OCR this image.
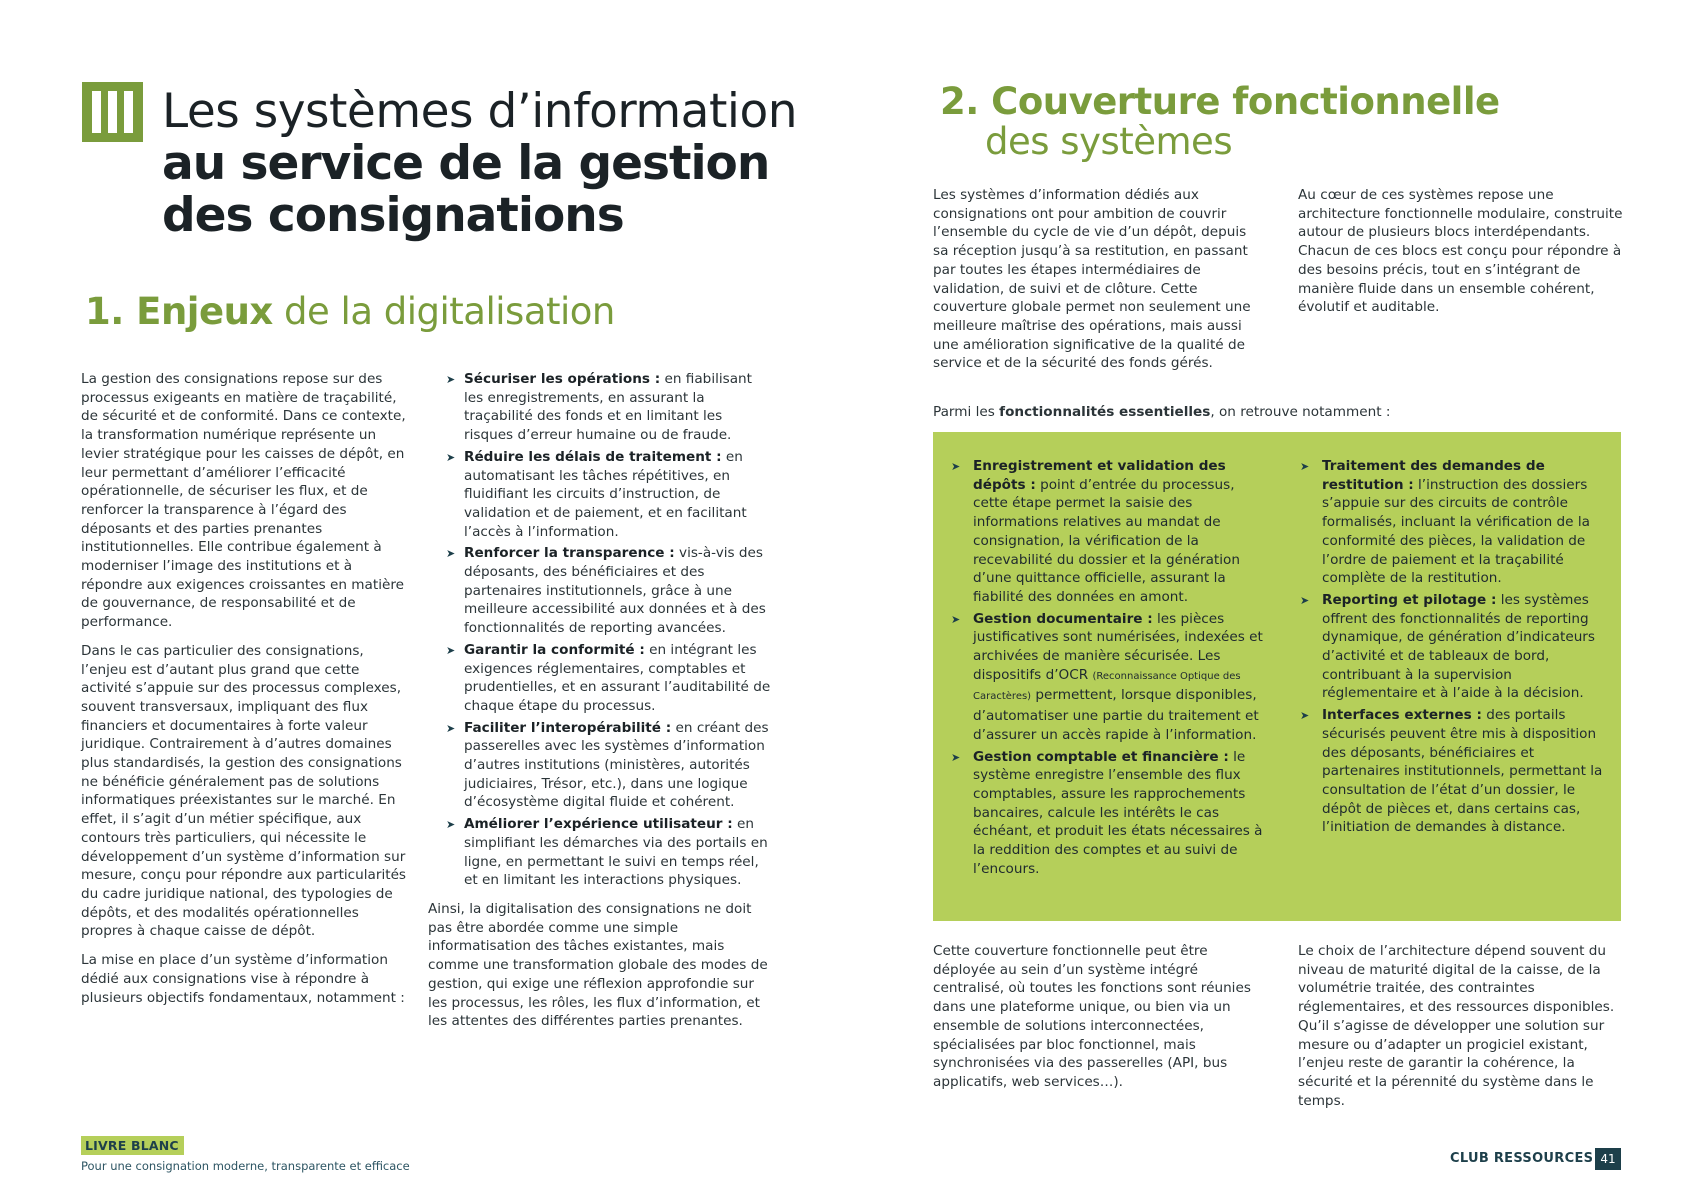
Les systèmes d’information
au service de la gestion
des consignations
1. Enjeux de la digitalisation

La gestion des consignations repose sur des processus exigeants en matière de traçabilité, de sécurité et de conformité. Dans ce contexte, la transformation numérique représente un levier stratégique pour les caisses de dépôt, en leur permettant d’améliorer l’efficacité opérationnelle, de sécuriser les flux, et de renforcer la transparence à l’égard des déposants et des parties prenantes institutionnelles. Elle contribue également à moderniser l’image des institutions et à répondre aux exigences croissantes en matière de gouvernance, de responsabilité et de performance.

Dans le cas particulier des consignations, l’enjeu est d’autant plus grand que cette activité s’appuie sur des processus complexes, souvent transversaux, impliquant des flux financiers et documentaires à forte valeur juridique. Contrairement à d’autres domaines plus standardisés, la gestion des consignations ne bénéficie généralement pas de solutions informatiques préexistantes sur le marché. En effet, il s’agit d’un métier spécifique, aux contours très particuliers, qui nécessite le développement d’un système d’information sur mesure, conçu pour répondre aux particularités du cadre juridique national, des typologies de dépôts, et des modalités opérationnelles propres à chaque caisse de dépôt.

La mise en place d’un système d’information dédié aux consignations vise à répondre à plusieurs objectifs fondamentaux, notamment :

➤ Sécuriser les opérations : en fiabilisant les enregistrements, en assurant la traçabilité des fonds et en limitant les risques d’erreur humaine ou de fraude.
➤ Réduire les délais de traitement : en automatisant les tâches répétitives, en fluidifiant les circuits d’instruction, de validation et de paiement, et en facilitant l’accès à l’information.
➤ Renforcer la transparence : vis-à-vis des déposants, des bénéficiaires et des partenaires institutionnels, grâce à une meilleure accessibilité aux données et à des fonctionnalités de reporting avancées.
➤ Garantir la conformité : en intégrant les exigences réglementaires, comptables et prudentielles, et en assurant l’auditabilité de chaque étape du processus.
➤ Faciliter l’interopérabilité : en créant des passerelles avec les systèmes d’information d’autres institutions (ministères, autorités judiciaires, Trésor, etc.), dans une logique d’écosystème digital fluide et cohérent.
➤ Améliorer l’expérience utilisateur : en simplifiant les démarches via des portails en ligne, en permettant le suivi en temps réel, et en limitant les interactions physiques.

Ainsi, la digitalisation des consignations ne doit pas être abordée comme une simple informatisation des tâches existantes, mais comme une transformation globale des modes de gestion, qui exige une réflexion approfondie sur les processus, les rôles, les flux d’information, et les attentes des différentes parties prenantes.

2. Couverture fonctionnelle
des systèmes

Les systèmes d’information dédiés aux consignations ont pour ambition de couvrir l’ensemble du cycle de vie d’un dépôt, depuis sa réception jusqu’à sa restitution, en passant par toutes les étapes intermédiaires de validation, de suivi et de clôture. Cette couverture globale permet non seulement une meilleure maîtrise des opérations, mais aussi une amélioration significative de la qualité de service et de la sécurité des fonds gérés.

Au cœur de ces systèmes repose une architecture fonctionnelle modulaire, construite autour de plusieurs blocs interdépendants. Chacun de ces blocs est conçu pour répondre à des besoins précis, tout en s’intégrant de manière fluide dans un ensemble cohérent, évolutif et auditable.

Parmi les fonctionnalités essentielles, on retrouve notamment :
➤ Enregistrement et validation des dépôts : point d’entrée du processus, cette étape permet la saisie des informations relatives au mandat de consignation, la vérification de la recevabilité du dossier et la génération d’une quittance officielle, assurant la fiabilité des données en amont.
➤ Gestion documentaire : les pièces justificatives sont numérisées, indexées et archivées de manière sécurisée. Les dispositifs d’OCR (Reconnaissance Optique des Caractères) permettent, lorsque disponibles, d’automatiser une partie du traitement et d’assurer un accès rapide à l’information.
➤ Gestion comptable et financière : le système enregistre l’ensemble des flux comptables, assure les rapprochements bancaires, calcule les intérêts le cas échéant, et produit les états nécessaires à la reddition des comptes et au suivi de l’encours.
➤ Traitement des demandes de restitution : l’instruction des dossiers s’appuie sur des circuits de contrôle formalisés, incluant la vérification de la conformité des pièces, la validation de l’ordre de paiement et la traçabilité complète de la restitution.
➤ Reporting et pilotage : les systèmes offrent des fonctionnalités de reporting dynamique, de génération d’indicateurs d’activité et de tableaux de bord, contribuant à la supervision réglementaire et à l’aide à la décision.
➤ Interfaces externes : des portails sécurisés peuvent être mis à disposition des déposants, bénéficiaires et partenaires institutionnels, permettant la consultation de l’état d’un dossier, le dépôt de pièces et, dans certains cas, l’initiation de demandes à distance.

Cette couverture fonctionnelle peut être déployée au sein d’un système intégré centralisé, où toutes les fonctions sont réunies dans une plateforme unique, ou bien via un ensemble de solutions interconnectées, spécialisées par bloc fonctionnel, mais synchronisées via des passerelles (API, bus applicatifs, web services…).

Le choix de l’architecture dépend souvent du niveau de maturité digital de la caisse, de la volumétrie traitée, des contraintes réglementaires, et des ressources disponibles. Qu’il s’agisse de développer une solution sur mesure ou d’adapter un progiciel existant, l’enjeu reste de garantir la cohérence, la sécurité et la pérennité du système dans le temps.

LIVRE BLANC
Pour une consignation moderne, transparente et efficace	CLUB RESSOURCES 41
